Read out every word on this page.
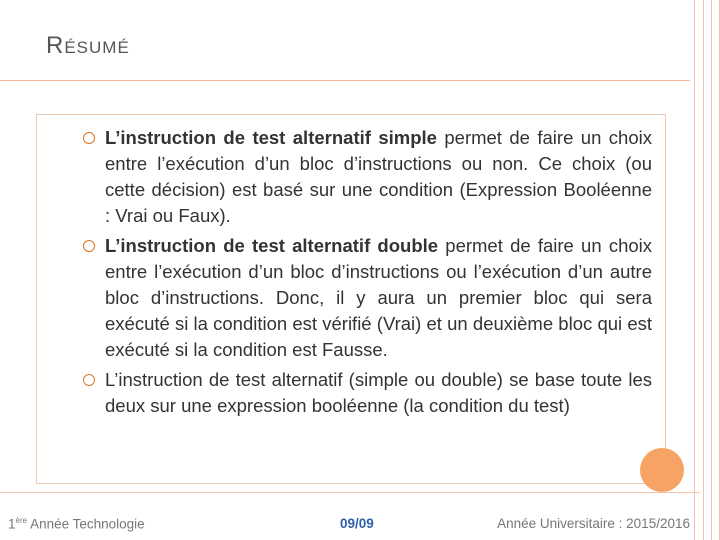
Résumé
L’instruction de test alternatif simple permet de faire un choix entre l’exécution d’un bloc d’instructions ou non. Ce choix (ou cette décision) est basé sur une condition (Expression Booléenne : Vrai ou Faux).
L’instruction de test alternatif double permet de faire un choix entre l’exécution d’un bloc d’instructions ou l’exécution d’un autre bloc d’instructions. Donc, il y aura un premier bloc qui sera exécuté si la condition est vérifié (Vrai) et un deuxième bloc qui est exécuté si la condition est Fausse.
L’instruction de test alternatif (simple ou double) se base toute les deux sur une expression booléenne (la condition du test)
1ère Année Technologie	09/09	Année Universitaire : 2015/2016
